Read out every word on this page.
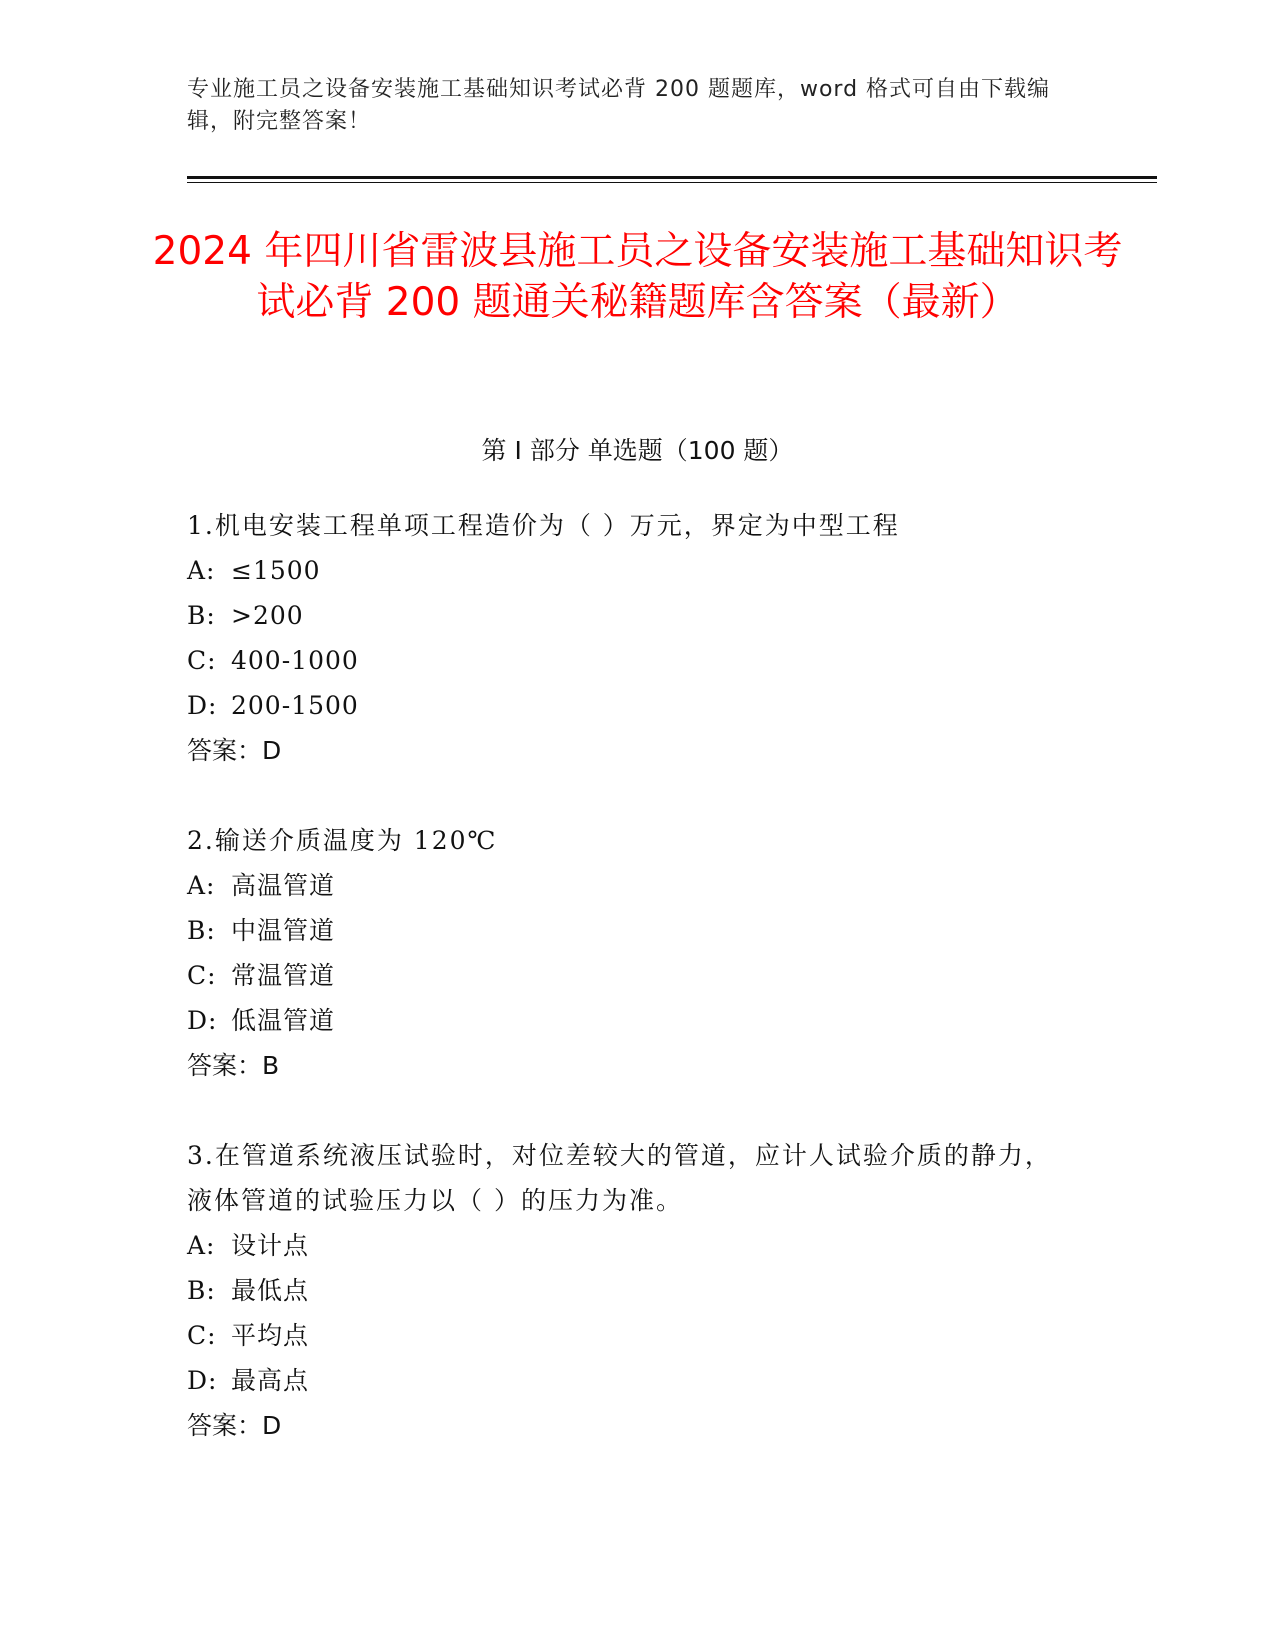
专业施工员之设备安装施工基础知识考试必背 200 题题库，word 格式可自由下载编辑，附完整答案！
2024 年四川省雷波县施工员之设备安装施工基础知识考试必背 200 题通关秘籍题库含答案（最新）
第 I 部分 单选题（100 题）

1.机电安装工程单项工程造价为（ ）万元，界定为中型工程

A: ≤1500

B: >200

C: 400-1000

D: 200-1500

答案：D

2.输送介质温度为 120℃

A: 高温管道

B: 中温管道

C: 常温管道

D: 低温管道

答案：B

3.在管道系统液压试验时，对位差较大的管道，应计人试验介质的静力，液体管道的试验压力以（ ）的压力为准。

A: 设计点

B: 最低点

C: 平均点

D: 最高点

答案：D
